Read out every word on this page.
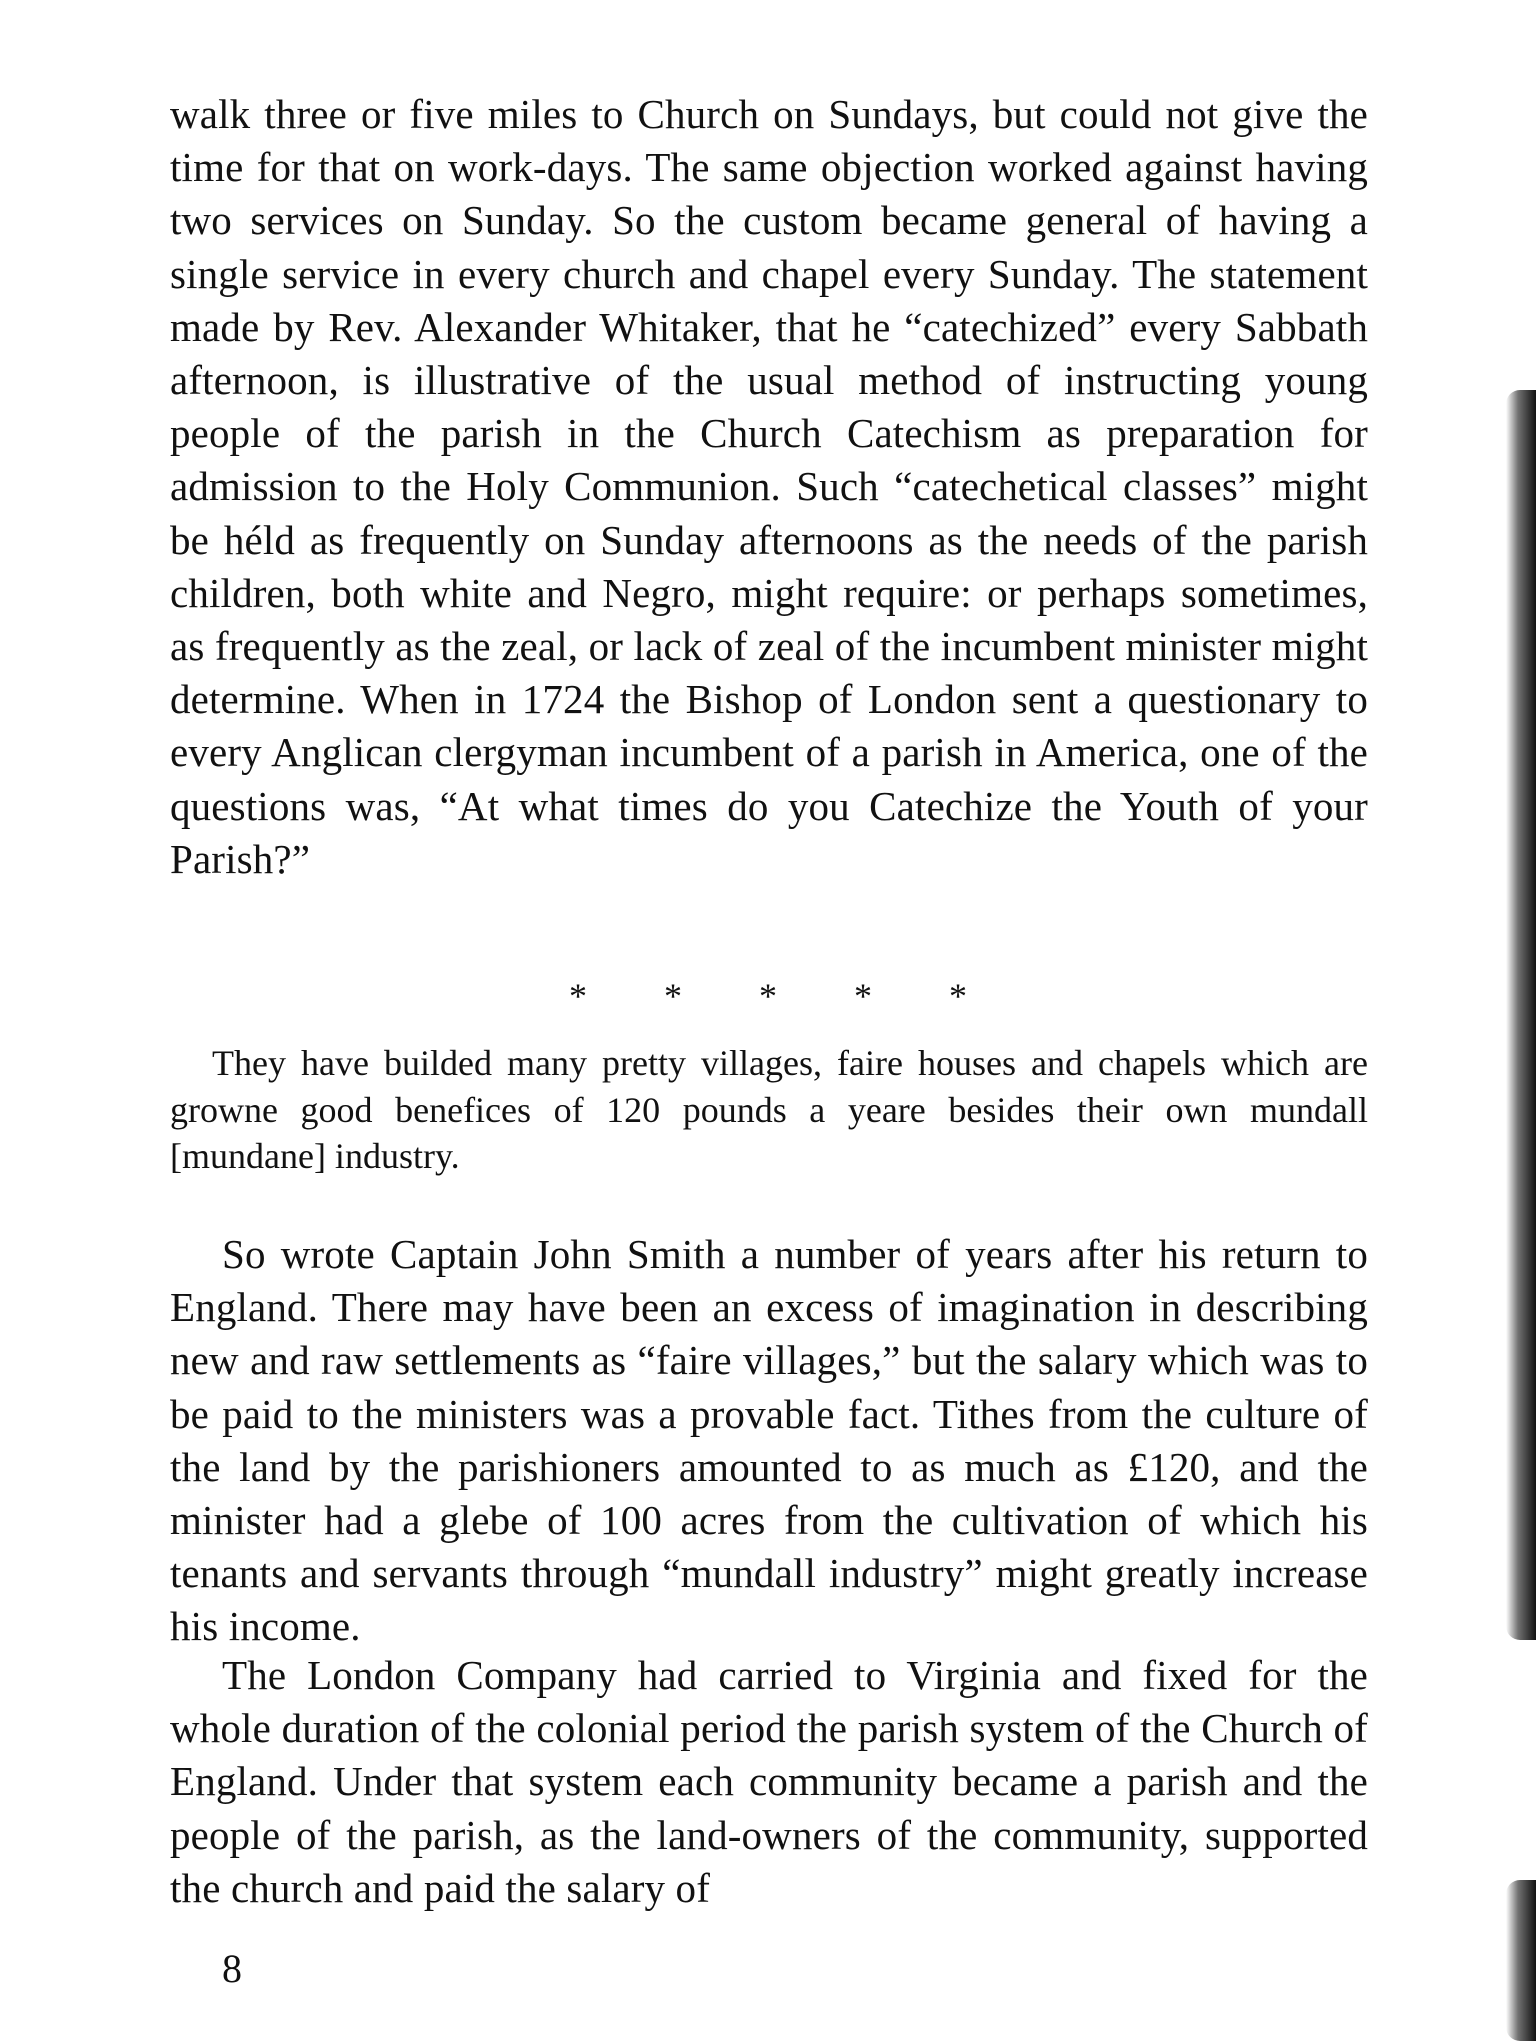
walk three or five miles to Church on Sundays, but could not give the time for that on work-days. The same objection worked against having two services on Sunday. So the custom became general of having a single service in every church and chapel every Sunday. The statement made by Rev. Alexander Whitaker, that he “catechized” every Sabbath afternoon, is illustrative of the usual method of instructing young people of the parish in the Church Catechism as preparation for admission to the Holy Communion. Such “catechetical classes” might be héld as frequently on Sunday afternoons as the needs of the parish children, both white and Negro, might require: or perhaps sometimes, as frequently as the zeal, or lack of zeal of the incumbent minister might determine. When in 1724 the Bishop of London sent a questionary to every Anglican clergyman incumbent of a parish in America, one of the questions was, “At what times do you Catechize the Youth of your Parish?”

* * * * *

They have builded many pretty villages, faire houses and chapels which are growne good benefices of 120 pounds a yeare besides their own mundall [mundane] industry.

So wrote Captain John Smith a number of years after his return to England. There may have been an excess of imagination in describing new and raw settlements as “faire villages,” but the salary which was to be paid to the ministers was a provable fact. Tithes from the culture of the land by the parishioners amounted to as much as £120, and the minister had a glebe of 100 acres from the cultivation of which his tenants and servants through “mundall industry” might greatly increase his income.

The London Company had carried to Virginia and fixed for the whole duration of the colonial period the parish system of the Church of England. Under that system each community became a parish and the people of the parish, as the land-owners of the community, supported the church and paid the salary of

8
